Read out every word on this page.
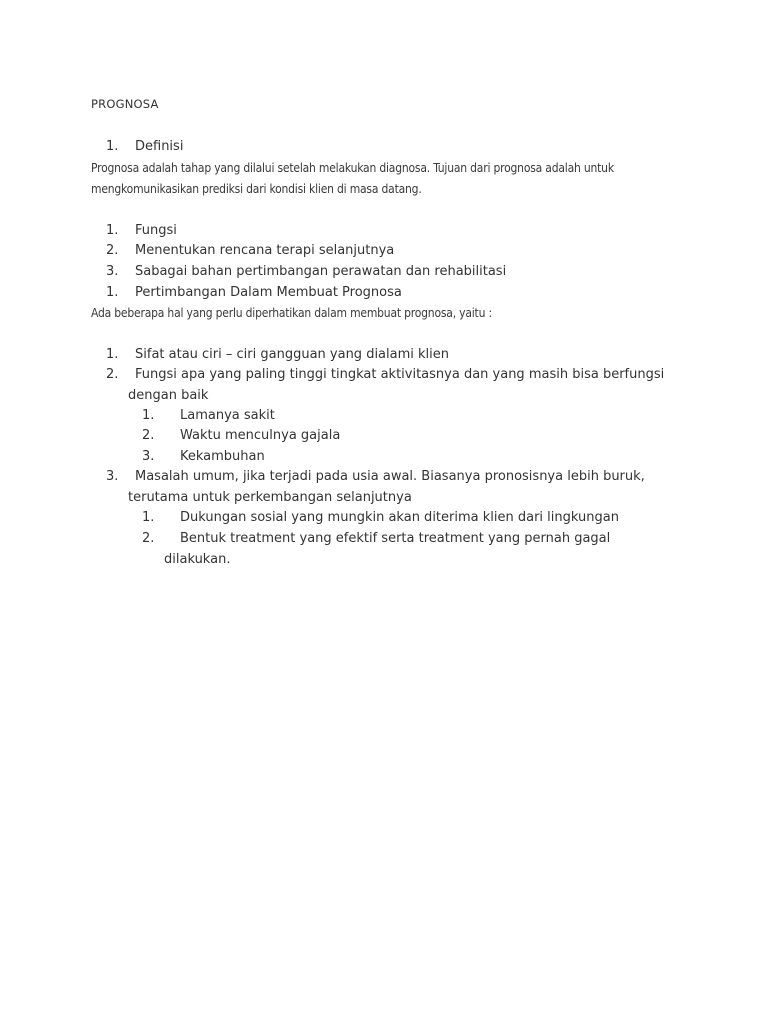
PROGNOSA
1. Definisi
Prognosa adalah tahap yang dilalui setelah melakukan diagnosa. Tujuan dari prognosa adalah untuk
mengkomunikasikan prediksi dari kondisi klien di masa datang.
1. Fungsi
2. Menentukan rencana terapi selanjutnya
3. Sabagai bahan pertimbangan perawatan dan rehabilitasi
1. Pertimbangan Dalam Membuat Prognosa
Ada beberapa hal yang perlu diperhatikan dalam membuat prognosa, yaitu :
1. Sifat atau ciri – ciri gangguan yang dialami klien
2. Fungsi apa yang paling tinggi tingkat aktivitasnya dan yang masih bisa berfungsi
dengan baik
1. Lamanya sakit
2. Waktu menculnya gajala
3. Kekambuhan
3. Masalah umum, jika terjadi pada usia awal. Biasanya pronosisnya lebih buruk,
terutama untuk perkembangan selanjutnya
1. Dukungan sosial yang mungkin akan diterima klien dari lingkungan
2. Bentuk treatment yang efektif serta treatment yang pernah gagal
dilakukan.
